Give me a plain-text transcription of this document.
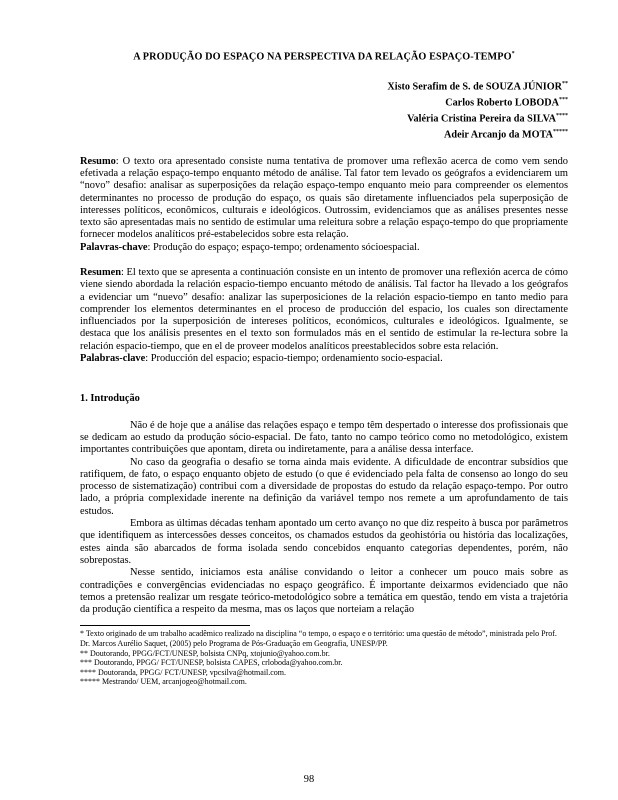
A PRODUÇÃO DO ESPAÇO NA PERSPECTIVA DA RELAÇÃO ESPAÇO-TEMPO*
Xisto Serafim de S. de SOUZA JÚNIOR**
Carlos Roberto LOBODA***
Valéria Cristina Pereira da SILVA****
Adeir Arcanjo da MOTA*****

Resumo: O texto ora apresentado consiste numa tentativa de promover uma reflexão acerca de como vem sendo efetivada a relação espaço-tempo enquanto método de análise. Tal fator tem levado os geógrafos a evidenciarem um “novo” desafio: analisar as superposições da relação espaço-tempo enquanto meio para compreender os elementos determinantes no processo de produção do espaço, os quais são diretamente influenciados pela superposição de interesses políticos, econômicos, culturais e ideológicos. Outrossim, evidenciamos que as análises presentes nesse texto são apresentadas mais no sentido de estimular uma releitura sobre a relação espaço-tempo do que propriamente fornecer modelos analíticos pré-estabelecidos sobre esta relação.

Palavras-chave: Produção do espaço; espaço-tempo; ordenamento sócioespacial.

Resumen: El texto que se apresenta a continuación consiste en un intento de promover una reflexión acerca de cómo viene siendo abordada la relación espacio-tiempo encuanto método de análisis. Tal factor ha llevado a los geógrafos a evidenciar um “nuevo” desafío: analizar las superposiciones de la relación espacio-tiempo en tanto medio para comprender los elementos determinantes en el proceso de producción del espacio, los cuales son directamente influenciados por la superposición de intereses políticos, económicos, culturales e ideológicos. Igualmente, se destaca que los análisis presentes en el texto son formulados más en el sentido de estimular la re-lectura sobre la relación espacio-tiempo, que en el de proveer modelos analíticos preestablecidos sobre esta relación.

Palabras-clave: Producción del espacio; espacio-tiempo; ordenamiento socio-espacial.

1. Introdução

Não é de hoje que a análise das relações espaço e tempo têm despertado o interesse dos profissionais que se dedicam ao estudo da produção sócio-espacial. De fato, tanto no campo teórico como no metodológico, existem importantes contribuições que apontam, direta ou indiretamente, para a análise dessa interface.

No caso da geografia o desafio se torna ainda mais evidente. A dificuldade de encontrar subsídios que ratifiquem, de fato, o espaço enquanto objeto de estudo (o que é evidenciado pela falta de consenso ao longo do seu processo de sistematização) contribui com a diversidade de propostas do estudo da relação espaço-tempo. Por outro lado, a própria complexidade inerente na definição da variável tempo nos remete a um aprofundamento de tais estudos.

Embora as últimas décadas tenham apontado um certo avanço no que diz respeito à busca por parâmetros que identifiquem as intercessões desses conceitos, os chamados estudos da geohistória ou história das localizações, estes ainda são abarcados de forma isolada sendo concebidos enquanto categorias dependentes, porém, não sobrepostas.

Nesse sentido, iniciamos esta análise convidando o leitor a conhecer um pouco mais sobre as contradições e convergências evidenciadas no espaço geográfico. É importante deixarmos evidenciado que não temos a pretensão realizar um resgate teórico-metodológico sobre a temática em questão, tendo em vista a trajetória da produção científica a respeito da mesma, mas os laços que norteiam a relação

* Texto originado de um trabalho acadêmico realizado na disciplina “o tempo, o espaço e o território: uma questão de método”, ministrada pelo Prof. Dr. Marcos Aurélio Saquet, (2005) pelo Programa de Pós-Graduação em Geografia, UNESP/PP.

** Doutorando, PPGG/FCT/UNESP, bolsista CNPq, xtojunio@yahoo.com.br.

*** Doutorando, PPGG/ FCT/UNESP, bolsista CAPES, crloboda@yahoo.com.br.

**** Doutoranda, PPGG/ FCT/UNESP, vpcsilva@hotmail.com.

***** Mestrando/ UEM, arcanjogeo@hotmail.com.

98
